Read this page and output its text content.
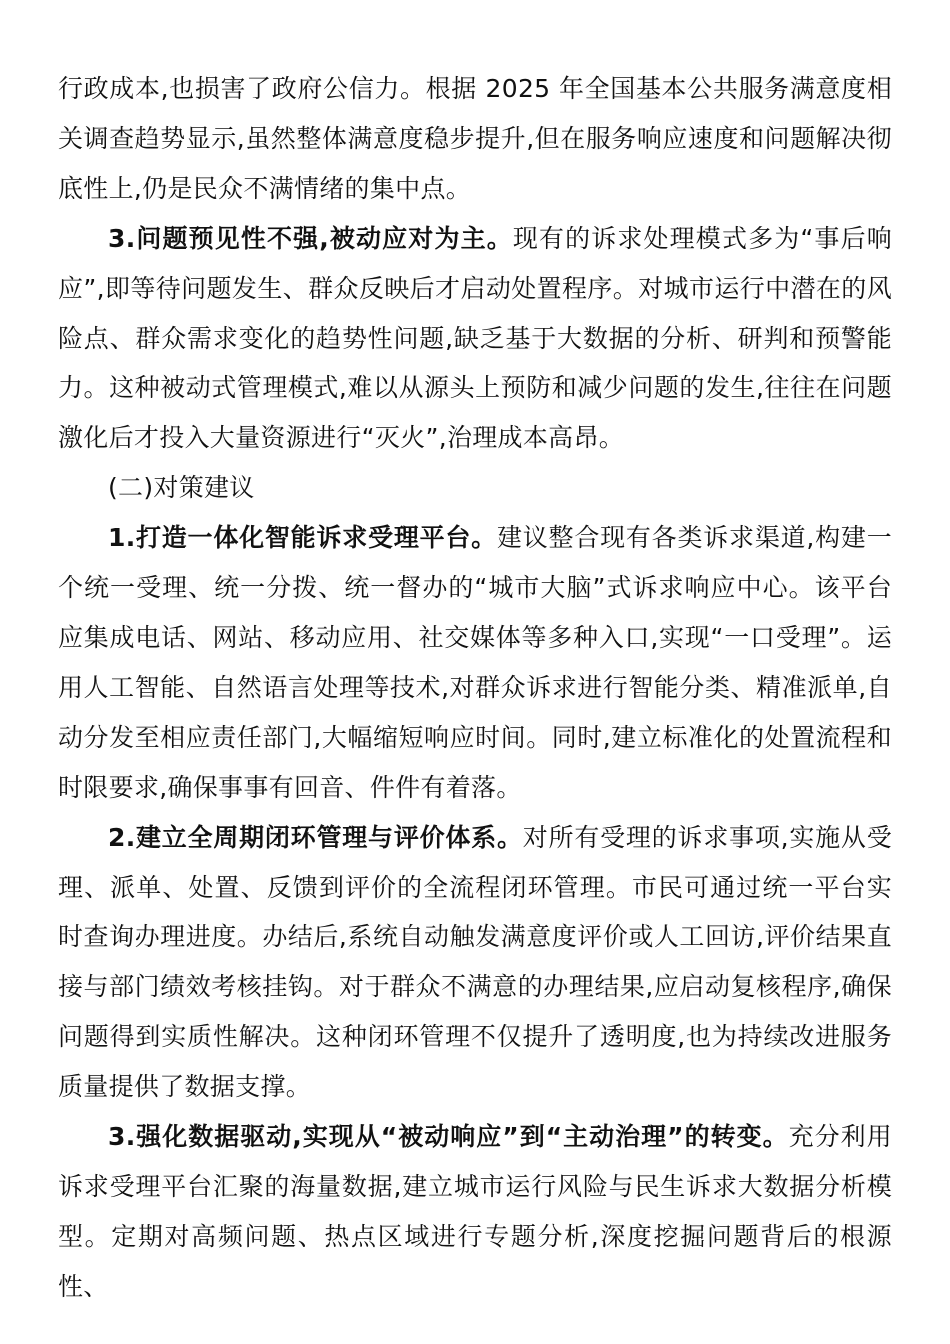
行政成本,也损害了政府公信力。根据 2025 年全国基本公共服务满意度相关调查趋势显示,虽然整体满意度稳步提升,但在服务响应速度和问题解决彻底性上,仍是民众不满情绪的集中点。

3.问题预见性不强,被动应对为主。现有的诉求处理模式多为“事后响应”,即等待问题发生、群众反映后才启动处置程序。对城市运行中潜在的风险点、群众需求变化的趋势性问题,缺乏基于大数据的分析、研判和预警能力。这种被动式管理模式,难以从源头上预防和减少问题的发生,往往在问题激化后才投入大量资源进行“灭火”,治理成本高昂。

(二)对策建议

1.打造一体化智能诉求受理平台。建议整合现有各类诉求渠道,构建一个统一受理、统一分拨、统一督办的“城市大脑”式诉求响应中心。该平台应集成电话、网站、移动应用、社交媒体等多种入口,实现“一口受理”。运用人工智能、自然语言处理等技术,对群众诉求进行智能分类、精准派单,自动分发至相应责任部门,大幅缩短响应时间。同时,建立标准化的处置流程和时限要求,确保事事有回音、件件有着落。

2.建立全周期闭环管理与评价体系。对所有受理的诉求事项,实施从受理、派单、处置、反馈到评价的全流程闭环管理。市民可通过统一平台实时查询办理进度。办结后,系统自动触发满意度评价或人工回访,评价结果直接与部门绩效考核挂钩。对于群众不满意的办理结果,应启动复核程序,确保问题得到实质性解决。这种闭环管理不仅提升了透明度,也为持续改进服务质量提供了数据支撑。

3.强化数据驱动,实现从“被动响应”到“主动治理”的转变。充分利用诉求受理平台汇聚的海量数据,建立城市运行风险与民生诉求大数据分析模型。定期对高频问题、热点区域进行专题分析,深度挖掘问题背后的根源性、
